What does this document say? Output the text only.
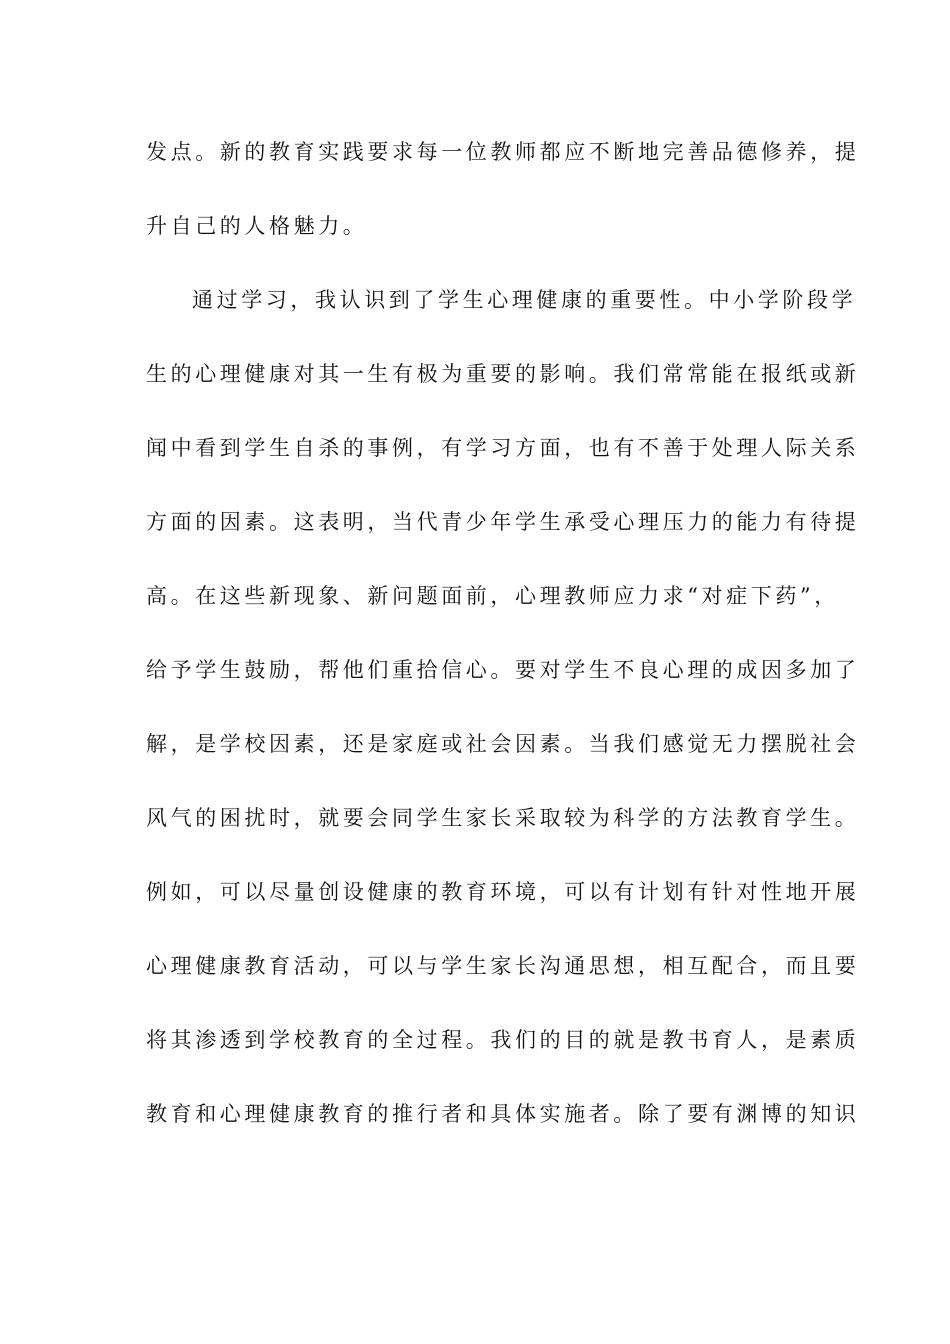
发点。新的教育实践要求每一位教师都应不断地完善品德修养，提
升自己的人格魅力。
通过学习，我认识到了学生心理健康的重要性。中小学阶段学
生的心理健康对其一生有极为重要的影响。我们常常能在报纸或新
闻中看到学生自杀的事例，有学习方面，也有不善于处理人际关系
方面的因素。这表明，当代青少年学生承受心理压力的能力有待提
高。在这些新现象、新问题面前，心理教师应力求“对症下药”，
给予学生鼓励，帮他们重拾信心。要对学生不良心理的成因多加了
解，是学校因素，还是家庭或社会因素。当我们感觉无力摆脱社会
风气的困扰时，就要会同学生家长采取较为科学的方法教育学生。
例如，可以尽量创设健康的教育环境，可以有计划有针对性地开展
心理健康教育活动，可以与学生家长沟通思想，相互配合，而且要
将其渗透到学校教育的全过程。我们的目的就是教书育人，是素质
教育和心理健康教育的推行者和具体实施者。除了要有渊博的知识
